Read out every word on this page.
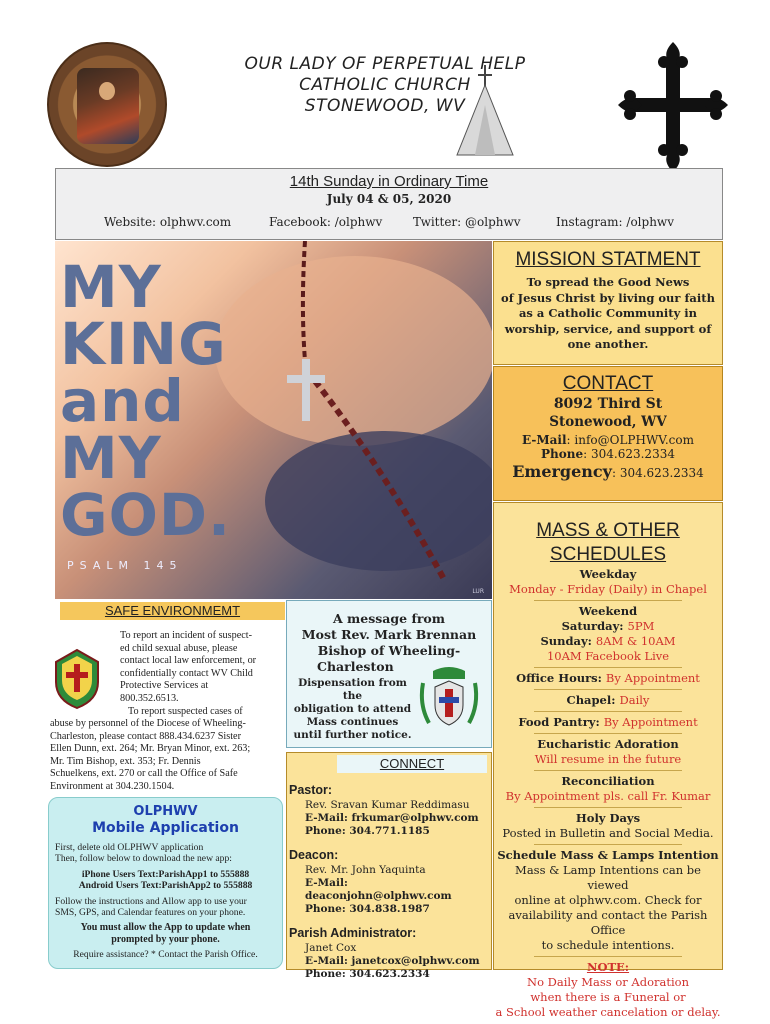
OUR LADY OF PERPETUAL HELP
CATHOLIC CHURCH
STONEWOOD, WV
14th Sunday in Ordinary Time
July 04 & 05, 2020
Website: olphwv.com	Facebook: /olphwv	Twitter: @olphwv	Instagram: /olphwv
MY
KING
and
MY
GOD.
PSALM 145
LUR
MISSION STATMENT
To spread the Good News
of Jesus Christ by living our faith
as a Catholic Community in
worship, service, and support of
one another.
CONTACT
8092 Third St
Stonewood, WV
E-Mail: info@OLPHWV.com
Phone: 304.623.2334
Emergency: 304.623.2334
MASS & OTHER
SCHEDULES
Weekday
Monday - Friday (Daily) in Chapel
Weekend
Saturday: 5PM
Sunday: 8AM & 10AM
10AM Facebook Live
Office Hours: By Appointment
Chapel: Daily
Food Pantry: By Appointment
Eucharistic Adoration
Will resume in the future
Reconciliation
By Appointment pls. call Fr. Kumar
Holy Days
Posted in Bulletin and Social Media.
Schedule Mass & Lamps Intention
Mass & Lamp Intentions can be viewed
online at olphwv.com. Check for
availability and contact the Parish Office
to schedule intentions.
NOTE:
No Daily Mass or Adoration
when there is a Funeral or
a School weather cancelation or delay.
SAFE ENVIRONMEMT
To report an incident of suspect-
ed child sexual abuse, please
contact local law enforcement, or
confidentially contact WV Child
Protective Services at
800.352.6513.
To report suspected cases of
abuse by personnel of the Diocese of Wheeling-
Charleston, please contact 888.434.6237 Sister
Ellen Dunn, ext. 264; Mr. Bryan Minor, ext. 263;
Mr. Tim Bishop, ext. 353; Fr. Dennis
Schuelkens, ext. 270 or call the Office of Safe
Environment at 304.230.1504.
A message from
Most Rev. Mark Brennan
Bishop of Wheeling-
Charleston
Dispensation from the
obligation to attend
Mass continues
until further notice.
OLPHWV
Mobile Application
First, delete old OLPHWV application
Then, follow below to download the new app:
iPhone Users Text:ParishApp1 to 555888
Android Users Text:ParishApp2 to 555888
Follow the instructions and Allow app to use your
SMS, GPS, and Calendar features on your phone.
You must allow the App to update when
prompted by your phone.
Require assistance? * Contact the Parish Office.
CONNECT
Pastor:
Rev. Sravan Kumar Reddimasu
E-Mail: frkumar@olphwv.com
Phone: 304.771.1185
Deacon:
Rev. Mr. John Yaquinta
E-Mail: deaconjohn@olphwv.com
Phone: 304.838.1987
Parish Administrator:
Janet Cox
E-Mail: janetcox@olphwv.com
Phone: 304.623.2334
